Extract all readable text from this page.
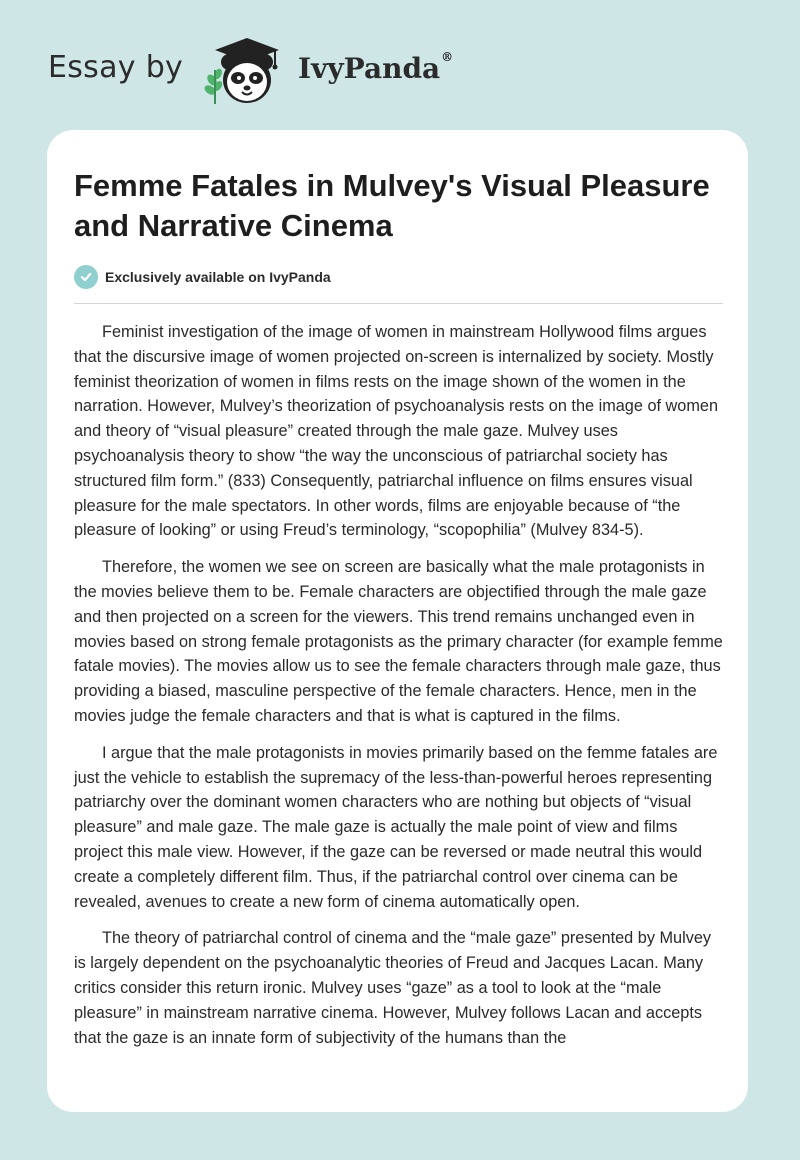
Essay by	IvyPanda®
Femme Fatales in Mulvey's Visual Pleasure and Narrative Cinema
Exclusively available on IvyPanda

Feminist investigation of the image of women in mainstream Hollywood films argues that the discursive image of women projected on-screen is internalized by society. Mostly feminist theorization of women in films rests on the image shown of the women in the narration. However, Mulvey’s theorization of psychoanalysis rests on the image of women and theory of “visual pleasure” created through the male gaze. Mulvey uses psychoanalysis theory to show “the way the unconscious of patriarchal society has structured film form.” (833) Consequently, patriarchal influence on films ensures visual pleasure for the male spectators. In other words, films are enjoyable because of “the pleasure of looking” or using Freud’s terminology, “scopophilia” (Mulvey 834-5).

Therefore, the women we see on screen are basically what the male protagonists in the movies believe them to be. Female characters are objectified through the male gaze and then projected on a screen for the viewers. This trend remains unchanged even in movies based on strong female protagonists as the primary character (for example femme fatale movies). The movies allow us to see the female characters through male gaze, thus providing a biased, masculine perspective of the female characters. Hence, men in the movies judge the female characters and that is what is captured in the films.

I argue that the male protagonists in movies primarily based on the femme fatales are just the vehicle to establish the supremacy of the less-than-powerful heroes representing patriarchy over the dominant women characters who are nothing but objects of “visual pleasure” and male gaze. The male gaze is actually the male point of view and films project this male view. However, if the gaze can be reversed or made neutral this would create a completely different film. Thus, if the patriarchal control over cinema can be revealed, avenues to create a new form of cinema automatically open.

The theory of patriarchal control of cinema and the “male gaze” presented by Mulvey is largely dependent on the psychoanalytic theories of Freud and Jacques Lacan. Many critics consider this return ironic. Mulvey uses “gaze” as a tool to look at the “male pleasure” in mainstream narrative cinema. However, Mulvey follows Lacan and accepts that the gaze is an innate form of subjectivity of the humans than the
